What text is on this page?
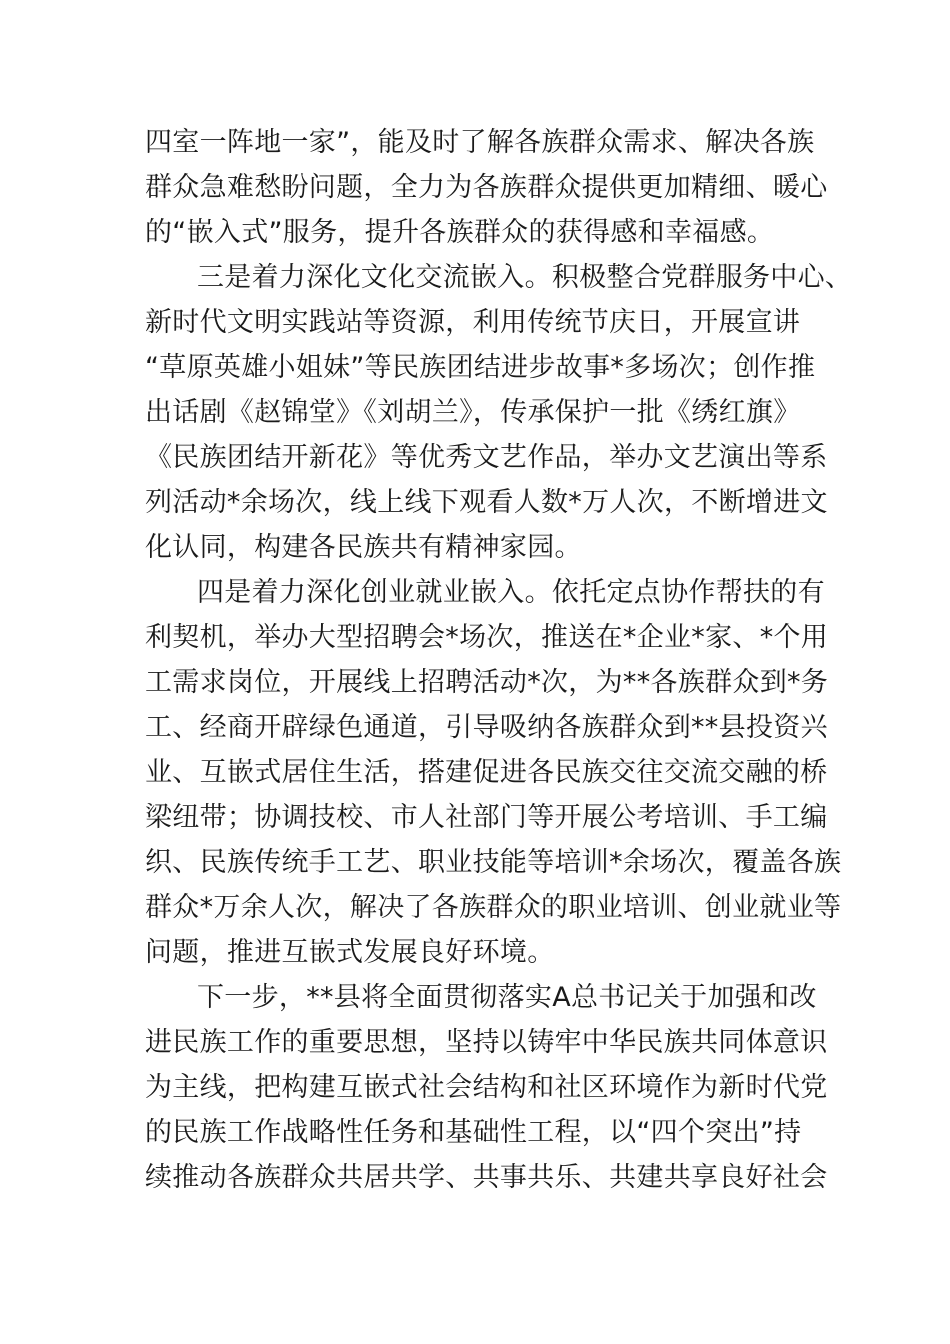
四室一阵地一家”，能及时了解各族群众需求、解决各族
群众急难愁盼问题，全力为各族群众提供更加精细、暖心
的“嵌入式”服务，提升各族群众的获得感和幸福感。
三是着力深化文化交流嵌入。积极整合党群服务中心、
新时代文明实践站等资源，利用传统节庆日，开展宣讲
“草原英雄小姐妹”等民族团结进步故事*多场次；创作推
出话剧《赵锦堂》《刘胡兰》，传承保护一批《绣红旗》
《民族团结开新花》等优秀文艺作品，举办文艺演出等系
列活动*余场次，线上线下观看人数*万人次，不断增进文
化认同，构建各民族共有精神家园。
四是着力深化创业就业嵌入。依托定点协作帮扶的有
利契机，举办大型招聘会*场次，推送在*企业*家、*个用
工需求岗位，开展线上招聘活动*次，为**各族群众到*务
工、经商开辟绿色通道，引导吸纳各族群众到**县投资兴
业、互嵌式居住生活，搭建促进各民族交往交流交融的桥
梁纽带；协调技校、市人社部门等开展公考培训、手工编
织、民族传统手工艺、职业技能等培训*余场次，覆盖各族
群众*万余人次，解决了各族群众的职业培训、创业就业等
问题，推进互嵌式发展良好环境。
下一步，**县将全面贯彻落实A总书记关于加强和改
进民族工作的重要思想，坚持以铸牢中华民族共同体意识
为主线，把构建互嵌式社会结构和社区环境作为新时代党
的民族工作战略性任务和基础性工程，以“四个突出”持
续推动各族群众共居共学、共事共乐、共建共享良好社会
